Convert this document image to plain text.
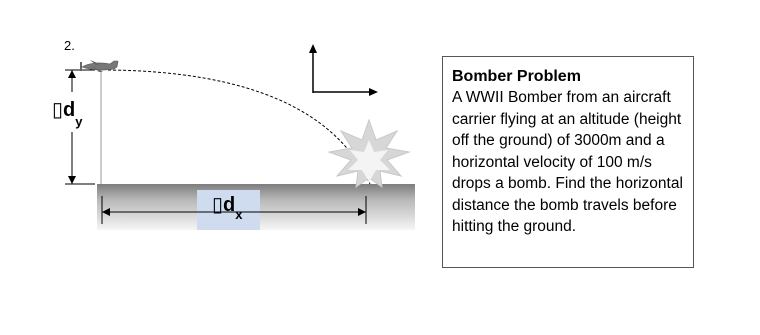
2.
$▯d_x$
$▯d_y$
Bomber Problem
A WWII Bomber from an aircraft carrier flying at an altitude (height off the ground) of 3000m and a horizontal velocity of 100 m/s drops a bomb. Find the horizontal distance the bomb travels before hitting the ground.
